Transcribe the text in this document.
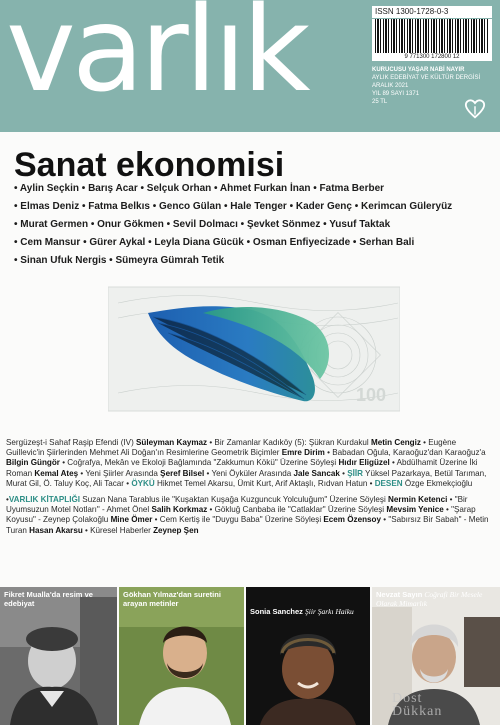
varlık	ISSN 1300-1728-0-3
9 771300 172800 12
KURUCUSU YAŞAR NABİ NAYIR
AYLIK EDEBİYAT VE KÜLTÜR DERGİSİ
ARALIK 2021
YIL 89 SAYI 1371
25 TL
Sanat ekonomisi

• Aylin Seçkin • Barış Acar • Selçuk Orhan • Ahmet Furkan İnan • Fatma Berber

• Elmas Deniz • Fatma Belkıs • Genco Gülan • Hale Tenger • Kader Genç • Kerimcan Güleryüz

• Murat Germen • Onur Gökmen • Sevil Dolmacı • Şevket Sönmez • Yusuf Taktak

• Cem Mansur • Gürer Aykal • Leyla Diana Gücük • Osman Enfiyecizade • Serhan Bali

• Sinan Ufuk Nergis • Sümeyra Gümrah Tetik

100

Sergüzeşt-i Sahaf Raşip Efendi (IV) Süleyman Kaymaz • Bir Zamanlar Kadıköy (5): Şükran Kurdakul Metin Cengiz • Eugène Guillevic'in Şiirlerinden Mehmet Ali Doğan'ın Resimlerine Geometrik Biçimler Emre Dirim • Babadan Oğula, Karaoğuz'dan Karaoğuz'a Bilgin Güngör • Coğrafya, Mekân ve Ekoloji Bağlamında "Zakkumun Kökü" Üzerine Söyleşi Hıdır Eligüzel • Abdülhamit Üzerine İki Roman Kemal Ateş • Yeni Şiirler Arasında Şeref Bilsel • Yeni Öyküler Arasında Jale Sancak • ŞİİR Yüksel Pazarkaya, Betül Tarıman, Murat Gil, Ö. Taluy Koç, Ali Tacar • ÖYKÜ Hikmet Temel Akarsu, Ümit Kurt, Arif Aktaşlı, Rıdvan Hatun • DESEN Özge Ekmekçioğlu

•VARLIK KİTAPLIĞI Suzan Nana Tarablus ile "Kuşaktan Kuşağa Kuzguncuk Yolculuğum" Üzerine Söyleşi Nermin Ketenci • "Bir Uyumsuzun Motel Notları" - Ahmet Önel Salih Korkmaz • Gökluğ Canbaba ile "Catlaklar" Üzerine Söyleşi Mevsim Yenice • "Şarap Koyusu" - Zeynep Çolakoğlu Mine Ömer • Cem Kertiş ile "Duygu Baba" Üzerine Söyleşi Ecem Özensoy • "Sabırsız Bir Sabah" - Metin Turan Hasan Akarsu • Küresel Haberler Zeynep Şen

Fikret Mualla'da resim ve edebiyat
Gökhan Yılmaz'dan suretini arayan metinler
Sonia Sanchez Şiir Şarkı Haiku
Nevzat Sayın Coğrafi Bir Mesele Olarak Mimarlık
Dost
Dükkan
